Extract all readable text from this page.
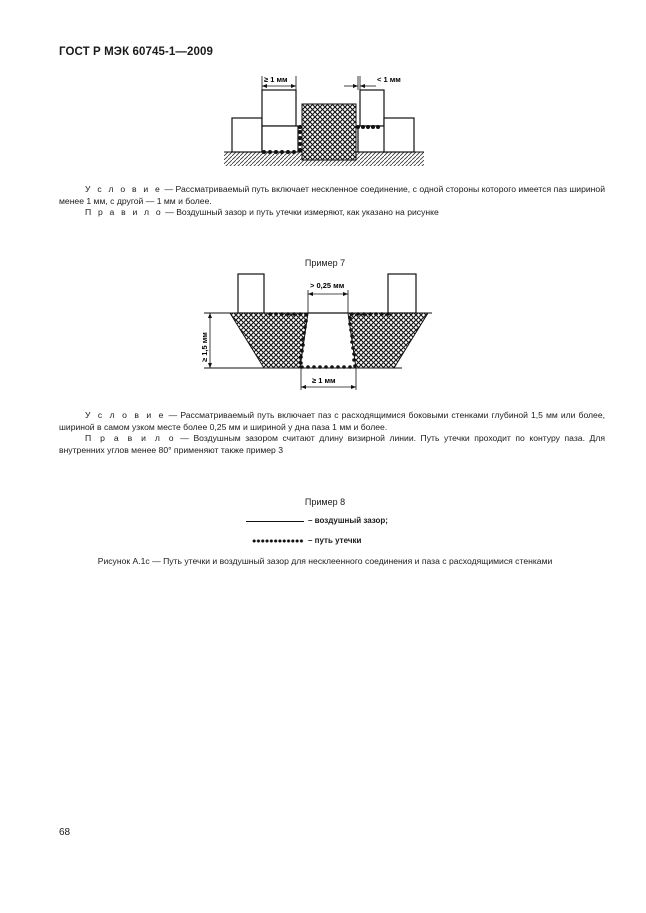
ГОСТ Р МЭК 60745-1—2009
≥ 1 мм	< 1 мм

У с л о в и е — Рассматриваемый путь включает нескленное соединение, с одной стороны которого имеется паз шириной менее 1 мм, с другой — 1 мм и более.

П р а в и л о — Воздушный зазор и путь утечки измеряют, как указано на рисунке

Пример 7
> 0,25 мм
≥ 1,5 мм
≥ 1 мм

У с л о в и е — Рассматриваемый путь включает паз с расходящимися боковыми стенками глубиной 1,5 мм или более, шириной в самом узком месте более 0,25 мм и шириной у дна паза 1 мм и более.

П р а в и л о — Воздушным зазором считают длину визирной линии. Путь утечки проходит по контуру паза. Для внутренних углов менее 80° применяют также пример 3

Пример 8
– воздушный зазор;
– путь утечки
Рисунок А.1с — Путь утечки и воздушный зазор для несклеенного соединения и паза с расходящимися стенками
68
